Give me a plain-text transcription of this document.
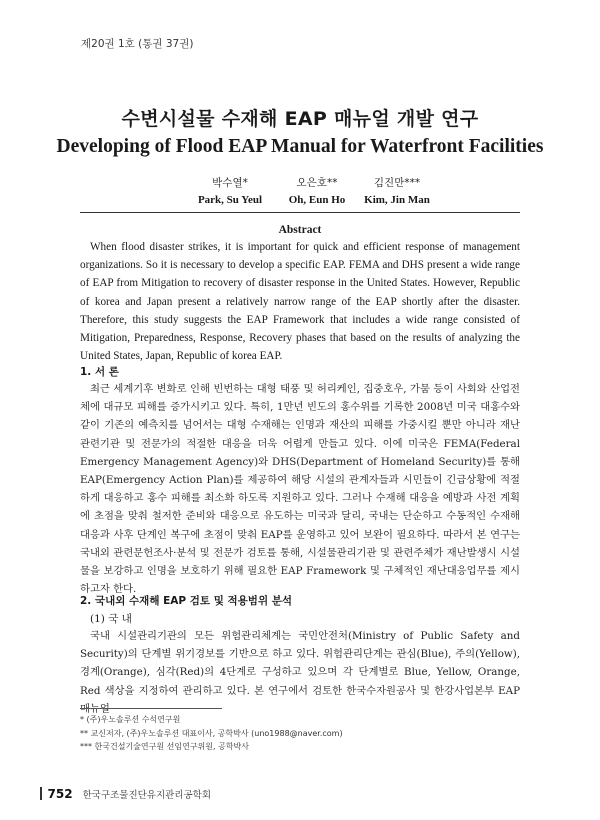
제20권 1호 (통권 37권)
수변시설물 수재해 EAP 매뉴얼 개발 연구
Developing of Flood EAP Manual for Waterfront Facilities
박수열*
Park, Su Yeul
오은호**
Oh, Eun Ho
김진만***
Kim, Jin Man
Abstract

When flood disaster strikes, it is important for quick and efficient response of management organizations. So it is necessary to develop a specific EAP. FEMA and DHS present a wide range of EAP from Mitigation to recovery of disaster response in the United States. However, Republic of korea and Japan present a relatively narrow range of the EAP shortly after the disaster. Therefore, this study suggests the EAP Framework that includes a wide range consisted of Mitigation, Preparedness, Response, Recovery phases that based on the results of analyzing the United States, Japan, Republic of korea EAP.

1. 서 론

최근 세계기후 변화로 인해 빈번하는 대형 태풍 및 허리케인, 집중호우, 가뭄 등이 사회와 산업전체에 대규모 피해를 증가시키고 있다. 특히, 1만년 빈도의 홍수위를 기록한 2008년 미국 대홍수와 같이 기존의 예측치를 넘어서는 대형 수재해는 인명과 재산의 피해를 가중시킬 뿐만 아니라 재난 관련기관 및 전문가의 적절한 대응을 더욱 어렵게 만들고 있다. 이에 미국은 FEMA(Federal Emergency Management Agency)와 DHS(Department of Homeland Security)를 통해 EAP(Emergency Action Plan)를 제공하여 해당 시설의 관계자들과 시민들이 긴급상황에 적절하게 대응하고 홍수 피해를 최소화 하도록 지원하고 있다. 그러나 수재해 대응을 예방과 사전 계획에 초점을 맞춰 철저한 준비와 대응으로 유도하는 미국과 달리, 국내는 단순하고 수동적인 수재해 대응과 사후 단계인 복구에 초점이 맞춰 EAP를 운영하고 있어 보완이 필요하다. 따라서 본 연구는 국내외 관련문헌조사·분석 및 전문가 검토를 통해, 시설물관리기관 및 관련주체가 재난발생시 시설물을 보강하고 인명을 보호하기 위해 필요한 EAP Framework 및 구체적인 재난대응업무를 제시하고자 한다.

2. 국내외 수재해 EAP 검토 및 적용범위 분석
(1) 국 내

국내 시설관리기관의 모든 위험관리체계는 국민안전처(Ministry of Public Safety and Security)의 단계별 위기경보를 기반으로 하고 있다. 위험관리단계는 관심(Blue), 주의(Yellow), 경계(Orange), 심각(Red)의 4단계로 구성하고 있으며 각 단계별로 Blue, Yellow, Orange, Red 색상을 지정하여 관리하고 있다. 본 연구에서 검토한 한국수자원공사 및 한강사업본부 EAP 매뉴얼

* (주)우노솔루션 수석연구원
** 교신저자, (주)우노솔루션 대표이사, 공학박사 (uno1988@naver.com)
*** 한국건설기술연구원 선임연구위원, 공학박사
752 한국구조물진단유지관리공학회
